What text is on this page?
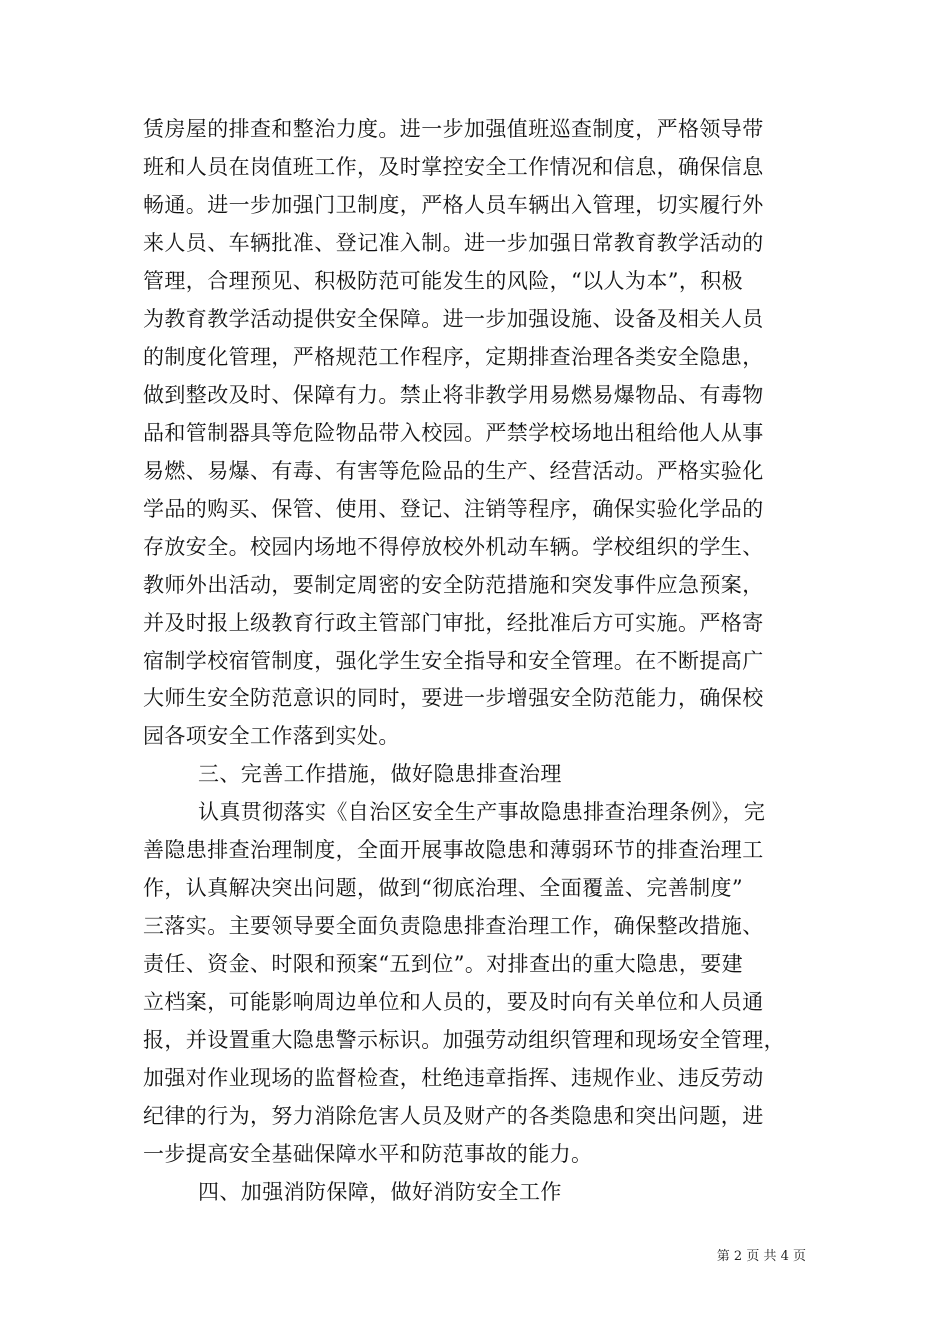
赁房屋的排查和整治力度。进一步加强值班巡查制度，严格领导带
班和人员在岗值班工作，及时掌控安全工作情况和信息，确保信息
畅通。进一步加强门卫制度，严格人员车辆出入管理，切实履行外
来人员、车辆批准、登记准入制。进一步加强日常教育教学活动的
管理，合理预见、积极防范可能发生的风险，“以人为本”，积极
为教育教学活动提供安全保障。进一步加强设施、设备及相关人员
的制度化管理，严格规范工作程序，定期排查治理各类安全隐患，
做到整改及时、保障有力。禁止将非教学用易燃易爆物品、有毒物
品和管制器具等危险物品带入校园。严禁学校场地出租给他人从事
易燃、易爆、有毒、有害等危险品的生产、经营活动。严格实验化
学品的购买、保管、使用、登记、注销等程序，确保实验化学品的
存放安全。校园内场地不得停放校外机动车辆。学校组织的学生、
教师外出活动，要制定周密的安全防范措施和突发事件应急预案，
并及时报上级教育行政主管部门审批，经批准后方可实施。严格寄
宿制学校宿管制度，强化学生安全指导和安全管理。在不断提高广
大师生安全防范意识的同时，要进一步增强安全防范能力，确保校
园各项安全工作落到实处。
三、完善工作措施，做好隐患排查治理
认真贯彻落实《自治区安全生产事故隐患排查治理条例》，完
善隐患排查治理制度，全面开展事故隐患和薄弱环节的排查治理工
作，认真解决突出问题，做到“彻底治理、全面覆盖、完善制度”
三落实。主要领导要全面负责隐患排查治理工作，确保整改措施、
责任、资金、时限和预案“五到位”。对排查出的重大隐患，要建
立档案，可能影响周边单位和人员的，要及时向有关单位和人员通
报，并设置重大隐患警示标识。加强劳动组织管理和现场安全管理，
加强对作业现场的监督检查，杜绝违章指挥、违规作业、违反劳动
纪律的行为，努力消除危害人员及财产的各类隐患和突出问题，进
一步提高安全基础保障水平和防范事故的能力。
四、加强消防保障，做好消防安全工作
第 2 页 共 4 页
